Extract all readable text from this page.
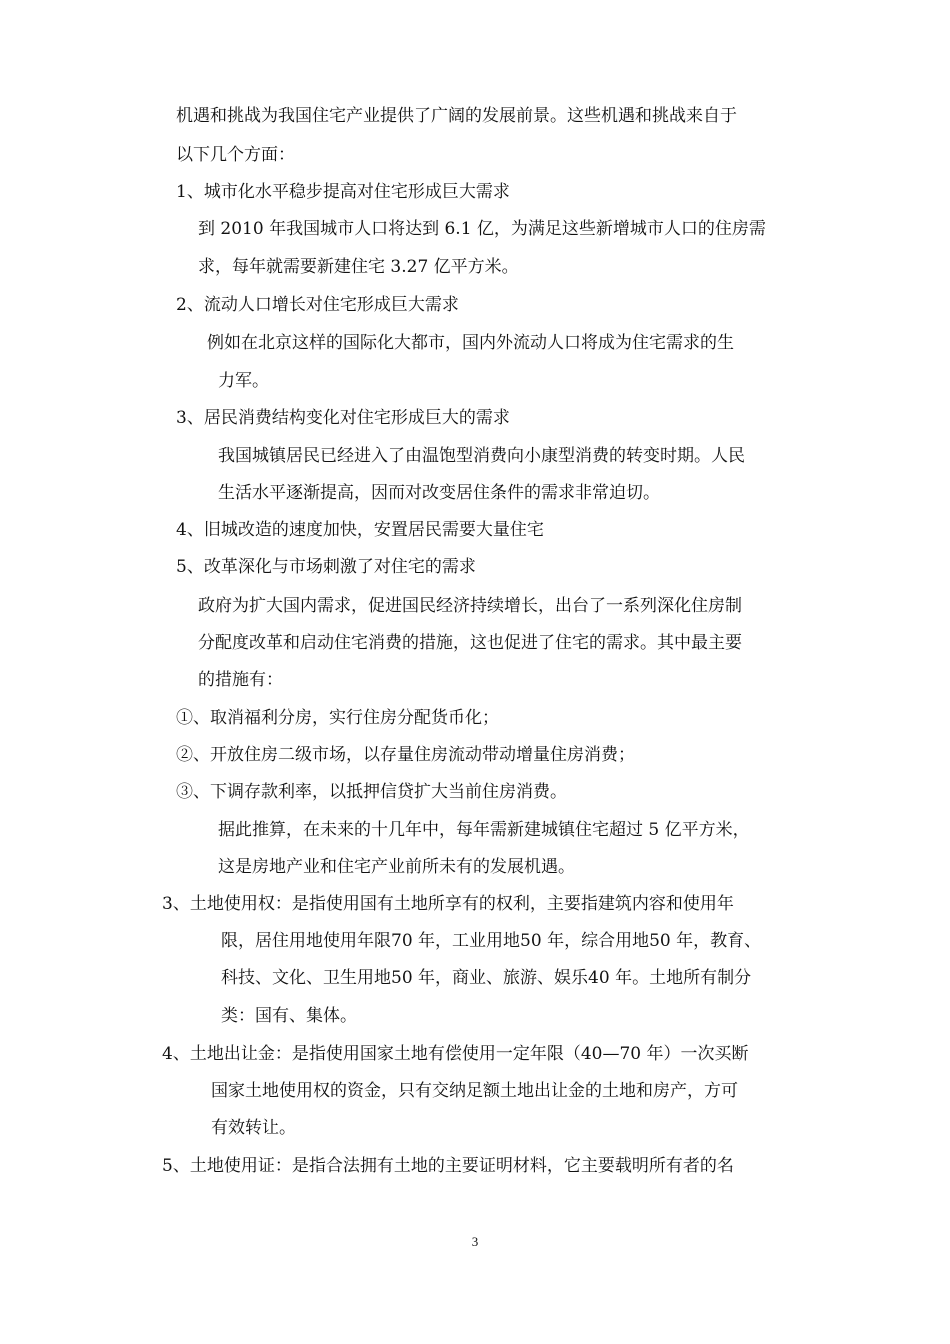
机遇和挑战为我国住宅产业提供了广阔的发展前景。这些机遇和挑战来自于
以下几个方面：
1、城市化水平稳步提高对住宅形成巨大需求
到 2010 年我国城市人口将达到 6.1 亿，为满足这些新增城市人口的住房需
求，每年就需要新建住宅 3.27 亿平方米。
2、流动人口增长对住宅形成巨大需求
例如在北京这样的国际化大都市，国内外流动人口将成为住宅需求的生
力军。
3、居民消费结构变化对住宅形成巨大的需求
我国城镇居民已经进入了由温饱型消费向小康型消费的转变时期。人民
生活水平逐渐提高，因而对改变居住条件的需求非常迫切。
4、旧城改造的速度加快，安置居民需要大量住宅
5、改革深化与市场刺激了对住宅的需求
政府为扩大国内需求，促进国民经济持续增长，出台了一系列深化住房制
分配度改革和启动住宅消费的措施，这也促进了住宅的需求。其中最主要
的措施有：
①、取消福利分房，实行住房分配货币化；
②、开放住房二级市场，以存量住房流动带动增量住房消费；
③、下调存款利率，以抵押信贷扩大当前住房消费。
据此推算，在未来的十几年中，每年需新建城镇住宅超过 5 亿平方米，
这是房地产业和住宅产业前所未有的发展机遇。
3、土地使用权：是指使用国有土地所享有的权利，主要指建筑内容和使用年
限，居住用地使用年限70 年，工业用地50 年，综合用地50 年，教育、
科技、文化、卫生用地50 年，商业、旅游、娱乐40 年。土地所有制分
类：国有、集体。
4、土地出让金：是指使用国家土地有偿使用一定年限（40—70 年）一次买断
国家土地使用权的资金，只有交纳足额土地出让金的土地和房产，方可
有效转让。
5、土地使用证：是指合法拥有土地的主要证明材料，它主要载明所有者的名
3
